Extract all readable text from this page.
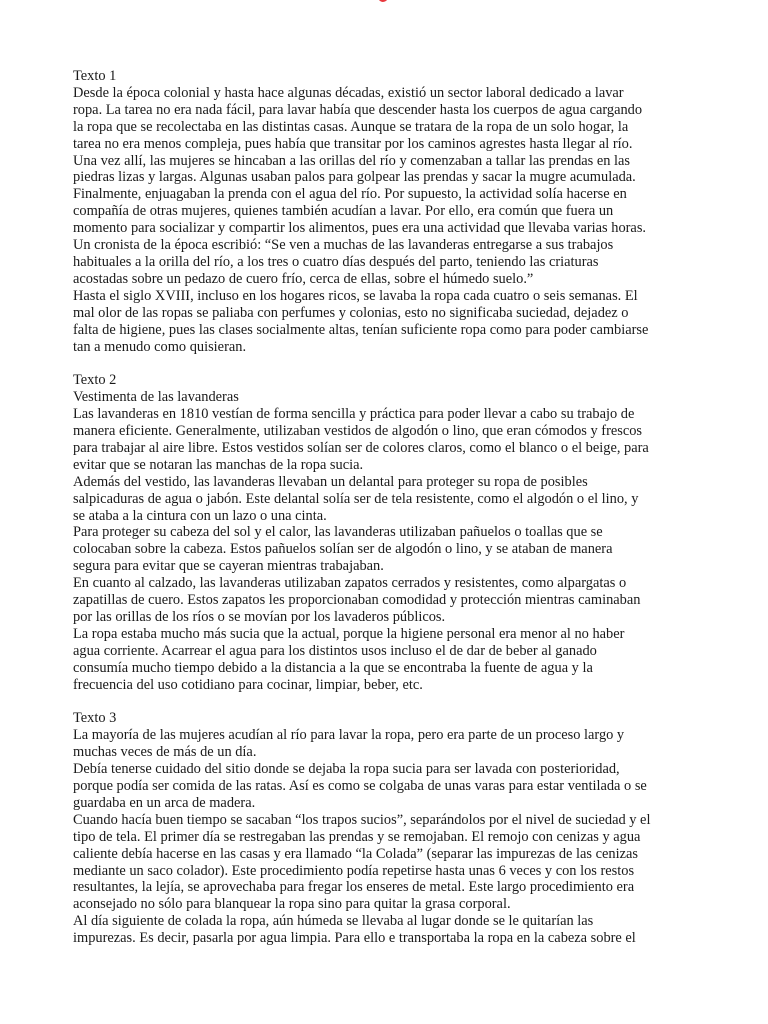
Texto 1

Desde la época colonial y hasta hace algunas décadas, existió un sector laboral dedicado a lavar
ropa. La tarea no era nada fácil, para lavar había que descender hasta los cuerpos de agua cargando
la ropa que se recolectaba en las distintas casas. Aunque se tratara de la ropa de un solo hogar, la
tarea no era menos compleja, pues había que transitar por los caminos agrestes hasta llegar al río.
Una vez allí, las mujeres se hincaban a las orillas del río y comenzaban a tallar las prendas en las
piedras lizas y largas. Algunas usaban palos para golpear las prendas y sacar la mugre acumulada.
Finalmente, enjuagaban la prenda con el agua del río. Por supuesto, la actividad solía hacerse en
compañía de otras mujeres, quienes también acudían a lavar. Por ello, era común que fuera un
momento para socializar y compartir los alimentos, pues era una actividad que llevaba varias horas.

Un cronista de la época escribió: “Se ven a muchas de las lavanderas entregarse a sus trabajos
habituales a la orilla del río, a los tres o cuatro días después del parto, teniendo las criaturas
acostadas sobre un pedazo de cuero frío, cerca de ellas, sobre el húmedo suelo.”

Hasta el siglo XVIII, incluso en los hogares ricos, se lavaba la ropa cada cuatro o seis semanas. El
mal olor de las ropas se paliaba con perfumes y colonias, esto no significaba suciedad, dejadez o
falta de higiene, pues las clases socialmente altas, tenían suficiente ropa como para poder cambiarse
tan a menudo como quisieran.

Texto 2
Vestimenta de las lavanderas

Las lavanderas en 1810 vestían de forma sencilla y práctica para poder llevar a cabo su trabajo de
manera eficiente. Generalmente, utilizaban vestidos de algodón o lino, que eran cómodos y frescos
para trabajar al aire libre. Estos vestidos solían ser de colores claros, como el blanco o el beige, para
evitar que se notaran las manchas de la ropa sucia.

Además del vestido, las lavanderas llevaban un delantal para proteger su ropa de posibles
salpicaduras de agua o jabón. Este delantal solía ser de tela resistente, como el algodón o el lino, y
se ataba a la cintura con un lazo o una cinta.

Para proteger su cabeza del sol y el calor, las lavanderas utilizaban pañuelos o toallas que se
colocaban sobre la cabeza. Estos pañuelos solían ser de algodón o lino, y se ataban de manera
segura para evitar que se cayeran mientras trabajaban.

En cuanto al calzado, las lavanderas utilizaban zapatos cerrados y resistentes, como alpargatas o
zapatillas de cuero. Estos zapatos les proporcionaban comodidad y protección mientras caminaban
por las orillas de los ríos o se movían por los lavaderos públicos.

La ropa estaba mucho más sucia que la actual, porque la higiene personal era menor al no haber
agua corriente. Acarrear el agua para los distintos usos incluso el de dar de beber al ganado
consumía mucho tiempo debido a la distancia a la que se encontraba la fuente de agua y la
frecuencia del uso cotidiano para cocinar, limpiar, beber, etc.

Texto 3

La mayoría de las mujeres acudían al río para lavar la ropa, pero era parte de un proceso largo y
muchas veces de más de un día.

Debía tenerse cuidado del sitio donde se dejaba la ropa sucia para ser lavada con posterioridad,
porque podía ser comida de las ratas. Así es como se colgaba de unas varas para estar ventilada o se
guardaba en un arca de madera.

Cuando hacía buen tiempo se sacaban “los trapos sucios”, separándolos por el nivel de suciedad y el
tipo de tela. El primer día se restregaban las prendas y se remojaban. El remojo con cenizas y agua
caliente debía hacerse en las casas y era llamado “la Colada” (separar las impurezas de las cenizas
mediante un saco colador). Este procedimiento podía repetirse hasta unas 6 veces y con los restos
resultantes, la lejía, se aprovechaba para fregar los enseres de metal. Este largo procedimiento era
aconsejado no sólo para blanquear la ropa sino para quitar la grasa corporal.

Al día siguiente de colada la ropa, aún húmeda se llevaba al lugar donde se le quitarían las
impurezas. Es decir, pasarla por agua limpia. Para ello e transportaba la ropa en la cabeza sobre el
